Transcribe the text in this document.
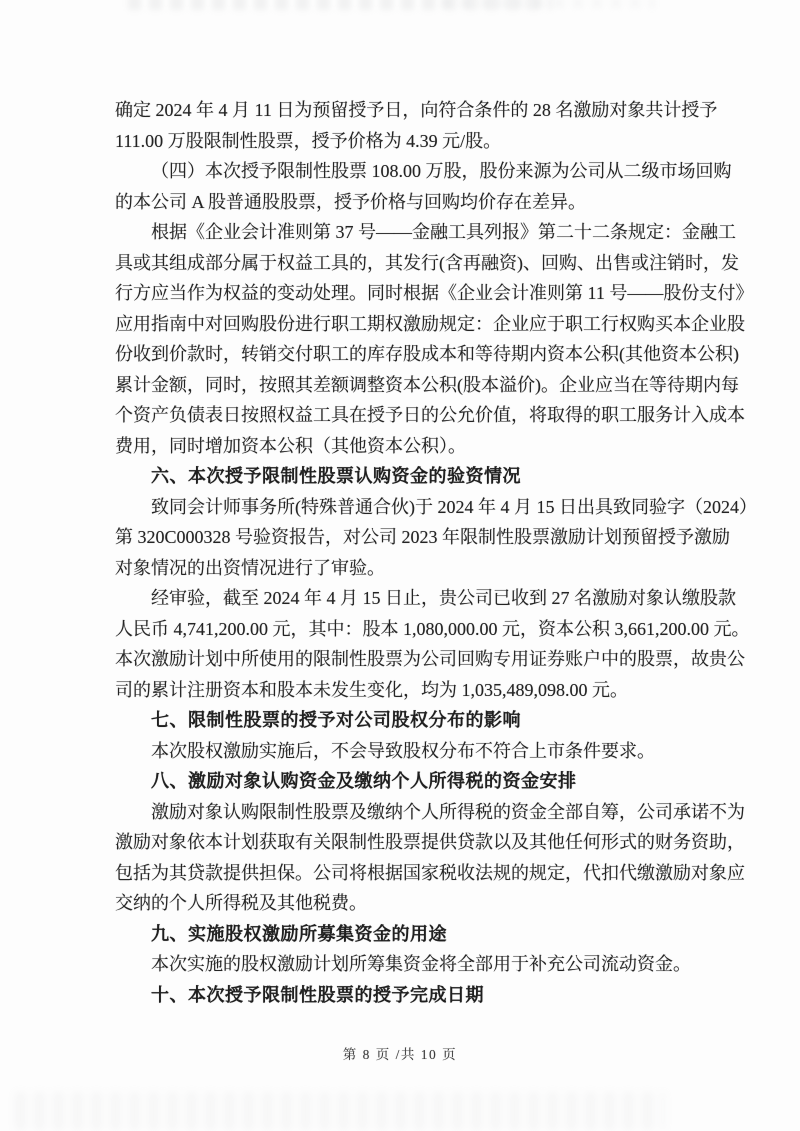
确定 2024 年 4 月 11 日为预留授予日，向符合条件的 28 名激励对象共计授予
111.00 万股限制性股票，授予价格为 4.39 元/股。
（四）本次授予限制性股票 108.00 万股，股份来源为公司从二级市场回购
的本公司 A 股普通股股票，授予价格与回购均价存在差异。
根据《企业会计准则第 37 号——金融工具列报》第二十二条规定：金融工
具或其组成部分属于权益工具的，其发行(含再融资)、回购、出售或注销时，发
行方应当作为权益的变动处理。同时根据《企业会计准则第 11 号——股份支付》
应用指南中对回购股份进行职工期权激励规定：企业应于职工行权购买本企业股
份收到价款时，转销交付职工的库存股成本和等待期内资本公积(其他资本公积)
累计金额，同时，按照其差额调整资本公积(股本溢价)。企业应当在等待期内每
个资产负债表日按照权益工具在授予日的公允价值，将取得的职工服务计入成本
费用，同时增加资本公积（其他资本公积）。
六、本次授予限制性股票认购资金的验资情况
致同会计师事务所(特殊普通合伙)于 2024 年 4 月 15 日出具致同验字（2024）
第 320C000328 号验资报告，对公司 2023 年限制性股票激励计划预留授予激励
对象情况的出资情况进行了审验。
经审验，截至 2024 年 4 月 15 日止，贵公司已收到 27 名激励对象认缴股款
人民币 4,741,200.00 元，其中：股本 1,080,000.00 元，资本公积 3,661,200.00 元。
本次激励计划中所使用的限制性股票为公司回购专用证券账户中的股票，故贵公
司的累计注册资本和股本未发生变化，均为 1,035,489,098.00 元。
七、限制性股票的授予对公司股权分布的影响
本次股权激励实施后，不会导致股权分布不符合上市条件要求。
八、激励对象认购资金及缴纳个人所得税的资金安排
激励对象认购限制性股票及缴纳个人所得税的资金全部自筹，公司承诺不为
激励对象依本计划获取有关限制性股票提供贷款以及其他任何形式的财务资助，
包括为其贷款提供担保。公司将根据国家税收法规的规定，代扣代缴激励对象应
交纳的个人所得税及其他税费。
九、实施股权激励所募集资金的用途
本次实施的股权激励计划所筹集资金将全部用于补充公司流动资金。
十、本次授予限制性股票的授予完成日期
第 8 页 /共 10 页
